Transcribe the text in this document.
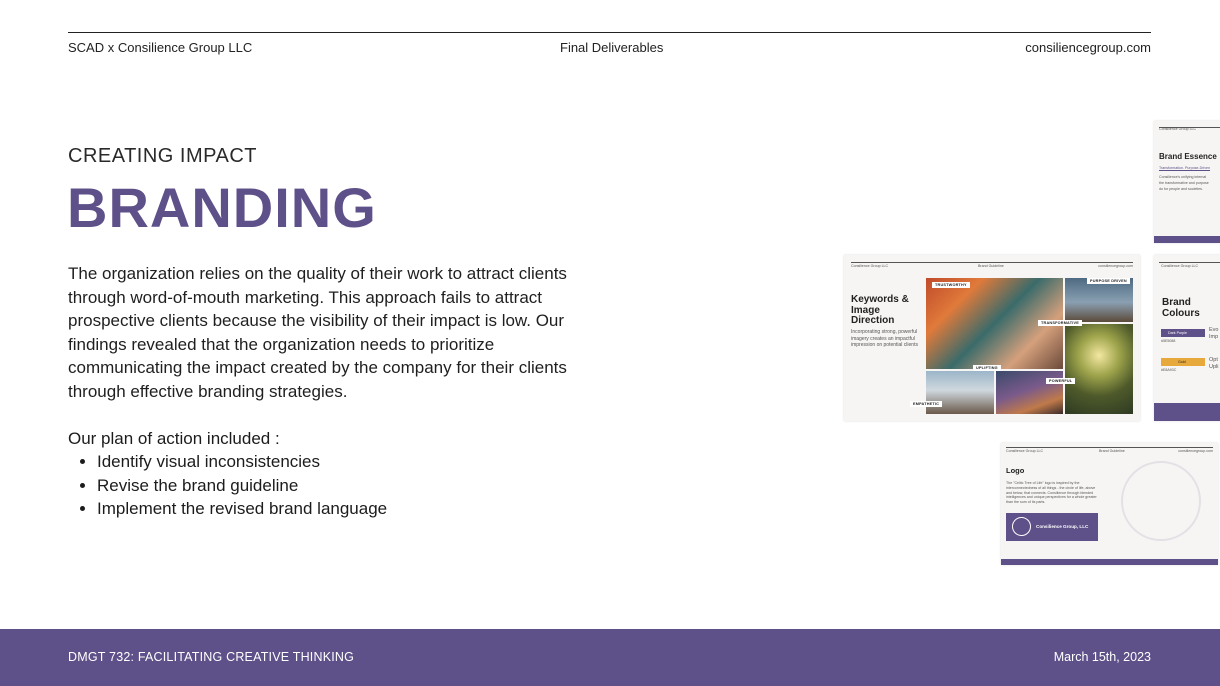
SCAD x Consilience Group LLC	Final Deliverables	consiliencegroup.com
CREATING IMPACT
BRANDING
The organization relies on the quality of their work to attract clients through word-of-mouth marketing. This approach fails to attract prospective clients because the visibility of their impact is low. Our findings revealed that the organization needs to prioritize communicating the impact created by the company for their clients through effective branding strategies.
Our plan of action included :
• Identify visual inconsistencies
• Revise the brand guideline
• Implement the revised brand language
Consilience Group LLC	Brand Guideline	consiliencegroup.com
Keywords & Image Direction
Incorporating strong, powerful imagery creates an impactful impression on potential clients
TRUSTWORTHY
PURPOSE DRIVEN
TRANSFORMATIVE
UPLIFTING
POWERFUL
EMPATHETIC
Consilience Group LLC
Brand Essence
Transformation. Purpose-Driven
Consilience's unifying internal
the transformative and purpose
do for people and societies.
Consilience Group LLC
Brand Colours
Dark Purple
#5E5088
Evo Imp
Gold
#E8A93C
Opt Upli
Consilience Group LLC	Brand Guideline	consiliencegroup.com
Logo
The "Celtic Tree of Life" logo is inspired by the interconnectedness of all things - the circle of life, above and below, that connects. Consilience through blended intelligences and unique perspectives for a whole greater than the sum of its parts.
Consilience Group, LLC
DMGT 732: FACILITATING CREATIVE THINKING	March 15th, 2023
